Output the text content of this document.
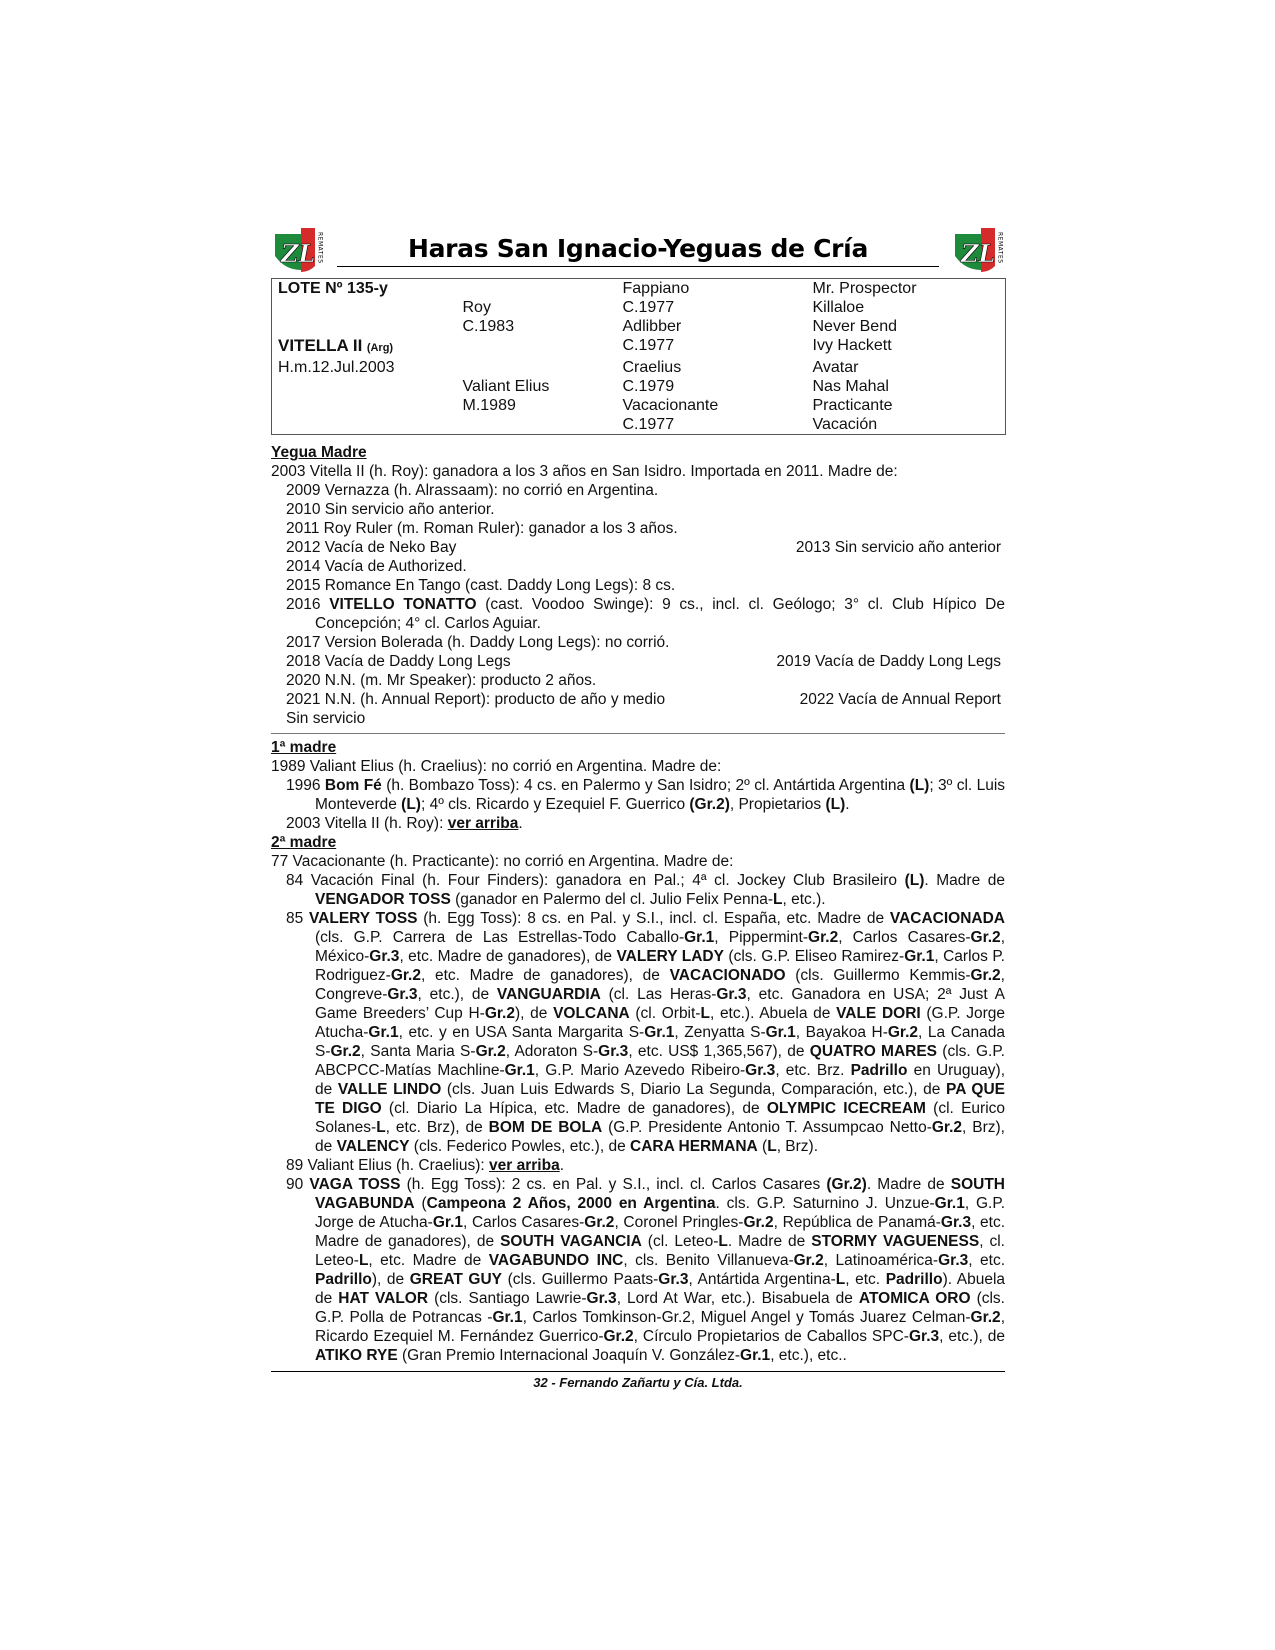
ZL REMATES	Haras San Ignacio-Yeguas de Cría	ZL REMATES
LOTE Nº 135-y		Fappiano	Mr. Prospector
	Roy	C.1977	Killaloe
	C.1983	Adlibber	Never Bend
VITELLA II (Arg)		C.1977	Ivy Hackett
H.m.12.Jul.2003		Craelius	Avatar
	Valiant Elius	C.1979	Nas Mahal
	M.1989	Vacacionante	Practicante
		C.1977	Vacación
Yegua Madre
2003 Vitella II (h. Roy): ganadora a los 3 años en San Isidro. Importada en 2011. Madre de:
2009 Vernazza (h. Alrassaam): no corrió en Argentina.
2010 Sin servicio año anterior.
2011 Roy Ruler (m. Roman Ruler): ganador a los 3 años.
2012 Vacía de Neko Bay	2013 Sin servicio año anterior
2014 Vacía de Authorized.
2015 Romance En Tango (cast. Daddy Long Legs): 8 cs.
2016 VITELLO TONATTO (cast. Voodoo Swinge): 9 cs., incl. cl. Geólogo; 3° cl. Club Hípico De Concepción; 4° cl. Carlos Aguiar.
2017 Version Bolerada (h. Daddy Long Legs): no corrió.
2018 Vacía de Daddy Long Legs	2019 Vacía de Daddy Long Legs
2020 N.N. (m. Mr Speaker): producto 2 años.
2021 N.N. (h. Annual Report): producto de año y medio	2022 Vacía de Annual Report
Sin servicio
1ª madre
1989 Valiant Elius (h. Craelius): no corrió en Argentina. Madre de:
1996 Bom Fé (h. Bombazo Toss): 4 cs. en Palermo y San Isidro; 2º cl. Antártida Argentina (L); 3º cl. Luis Monteverde (L); 4º cls. Ricardo y Ezequiel F. Guerrico (Gr.2), Propietarios (L).
2003 Vitella II (h. Roy): ver arriba.
2ª madre
77 Vacacionante (h. Practicante): no corrió en Argentina. Madre de:
84 Vacación Final (h. Four Finders): ganadora en Pal.; 4ª cl. Jockey Club Brasileiro (L). Madre de VENGADOR TOSS (ganador en Palermo del cl. Julio Felix Penna-L, etc.).
85 VALERY TOSS (h. Egg Toss): 8 cs. en Pal. y S.I., incl. cl. España, etc. Madre de VACACIONADA (cls. G.P. Carrera de Las Estrellas-Todo Caballo-Gr.1, Pippermint-Gr.2, Carlos Casares-Gr.2, México-Gr.3, etc. Madre de ganadores), de VALERY LADY (cls. G.P. Eliseo Ramirez-Gr.1, Carlos P. Rodriguez-Gr.2, etc. Madre de ganadores), de VACACIONADO (cls. Guillermo Kemmis-Gr.2, Congreve-Gr.3, etc.), de VANGUARDIA (cl. Las Heras-Gr.3, etc. Ganadora en USA; 2ª Just A Game Breeders’ Cup H-Gr.2), de VOLCANA (cl. Orbit-L, etc.). Abuela de VALE DORI (G.P. Jorge Atucha-Gr.1, etc. y en USA Santa Margarita S-Gr.1, Zenyatta S-Gr.1, Bayakoa H-Gr.2, La Canada S-Gr.2, Santa Maria S-Gr.2, Adoraton S-Gr.3, etc. US$ 1,365,567), de QUATRO MARES (cls. G.P. ABCPCC-Matías Machline-Gr.1, G.P. Mario Azevedo Ribeiro-Gr.3, etc. Brz. Padrillo en Uruguay), de VALLE LINDO (cls. Juan Luis Edwards S, Diario La Segunda, Comparación, etc.), de PA QUE TE DIGO (cl. Diario La Hípica, etc. Madre de ganadores), de OLYMPIC ICECREAM (cl. Eurico Solanes-L, etc. Brz), de BOM DE BOLA (G.P. Presidente Antonio T. Assumpcao Netto-Gr.2, Brz), de VALENCY (cls. Federico Powles, etc.), de CARA HERMANA (L, Brz).
89 Valiant Elius (h. Craelius): ver arriba.
90 VAGA TOSS (h. Egg Toss): 2 cs. en Pal. y S.I., incl. cl. Carlos Casares (Gr.2). Madre de SOUTH VAGABUNDA (Campeona 2 Años, 2000 en Argentina. cls. G.P. Saturnino J. Unzue-Gr.1, G.P. Jorge de Atucha-Gr.1, Carlos Casares-Gr.2, Coronel Pringles-Gr.2, República de Panamá-Gr.3, etc. Madre de ganadores), de SOUTH VAGANCIA (cl. Leteo-L. Madre de STORMY VAGUENESS, cl. Leteo-L, etc. Madre de VAGABUNDO INC, cls. Benito Villanueva-Gr.2, Latinoamérica-Gr.3, etc. Padrillo), de GREAT GUY (cls. Guillermo Paats-Gr.3, Antártida Argentina-L, etc. Padrillo). Abuela de HAT VALOR (cls. Santiago Lawrie-Gr.3, Lord At War, etc.). Bisabuela de ATOMICA ORO (cls. G.P. Polla de Potrancas -Gr.1, Carlos Tomkinson-Gr.2, Miguel Angel y Tomás Juarez Celman-Gr.2, Ricardo Ezequiel M. Fernández Guerrico-Gr.2, Círculo Propietarios de Caballos SPC-Gr.3, etc.), de ATIKO RYE (Gran Premio Internacional Joaquín V. González-Gr.1, etc.), etc..
32 - Fernando Zañartu y Cía. Ltda.
